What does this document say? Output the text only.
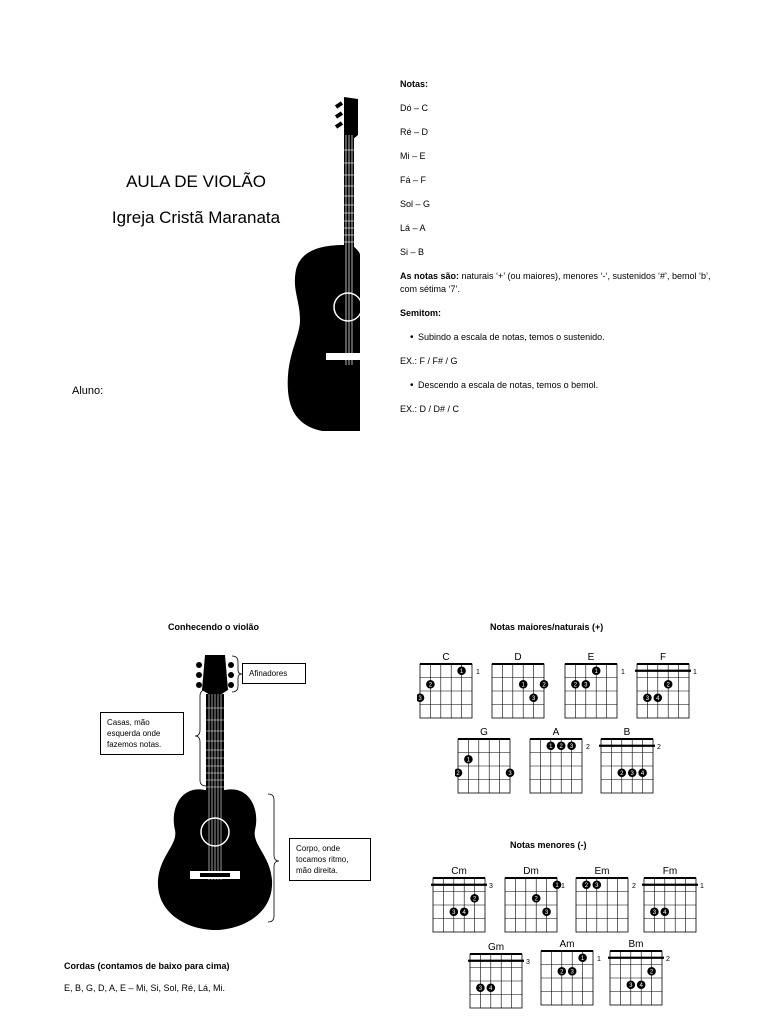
AULA DE VIOLÃO
Igreja Cristã Maranata
Aluno:
Notas:
Dó – C
Ré – D
Mi – E
Fá – F
Sol – G
Lá – A
Si – B
As notas são: naturais ‘+’ (ou maiores), menores ‘-‘, sustenidos ‘#’, bemol ‘b’, com sétima ‘7’.
Semitom:
• Subindo a escala de notas, temos o sustenido.
EX.: F / F# / G
• Descendo a escala de notas, temos o bemol.
EX.: D / D# / C
Conhecendo o violão
Afinadores
Casas, mão esquerda onde fazemos notas.
Corpo, onde tocamos ritmo, mão direita.
Notas maiores/naturais (+)
Notas menores (-)
C
1
2
3
1
D
1	2
3
E
1
2 3
1
F
2
3 4
1
G
1
2	3
A
1 2 3 2
B
2 3 4
2
Cm
2
3 4
3
Dm
1
2
3
1
Em
2 3	2
Fm
3 4
1
Gm
3 4
3
Am
1
2 3
1
Bm
2
3 4
2
Cordas (contamos de baixo para cima)
E, B, G, D, A, E – Mi, Si, Sol, Ré, Lá, Mi.
